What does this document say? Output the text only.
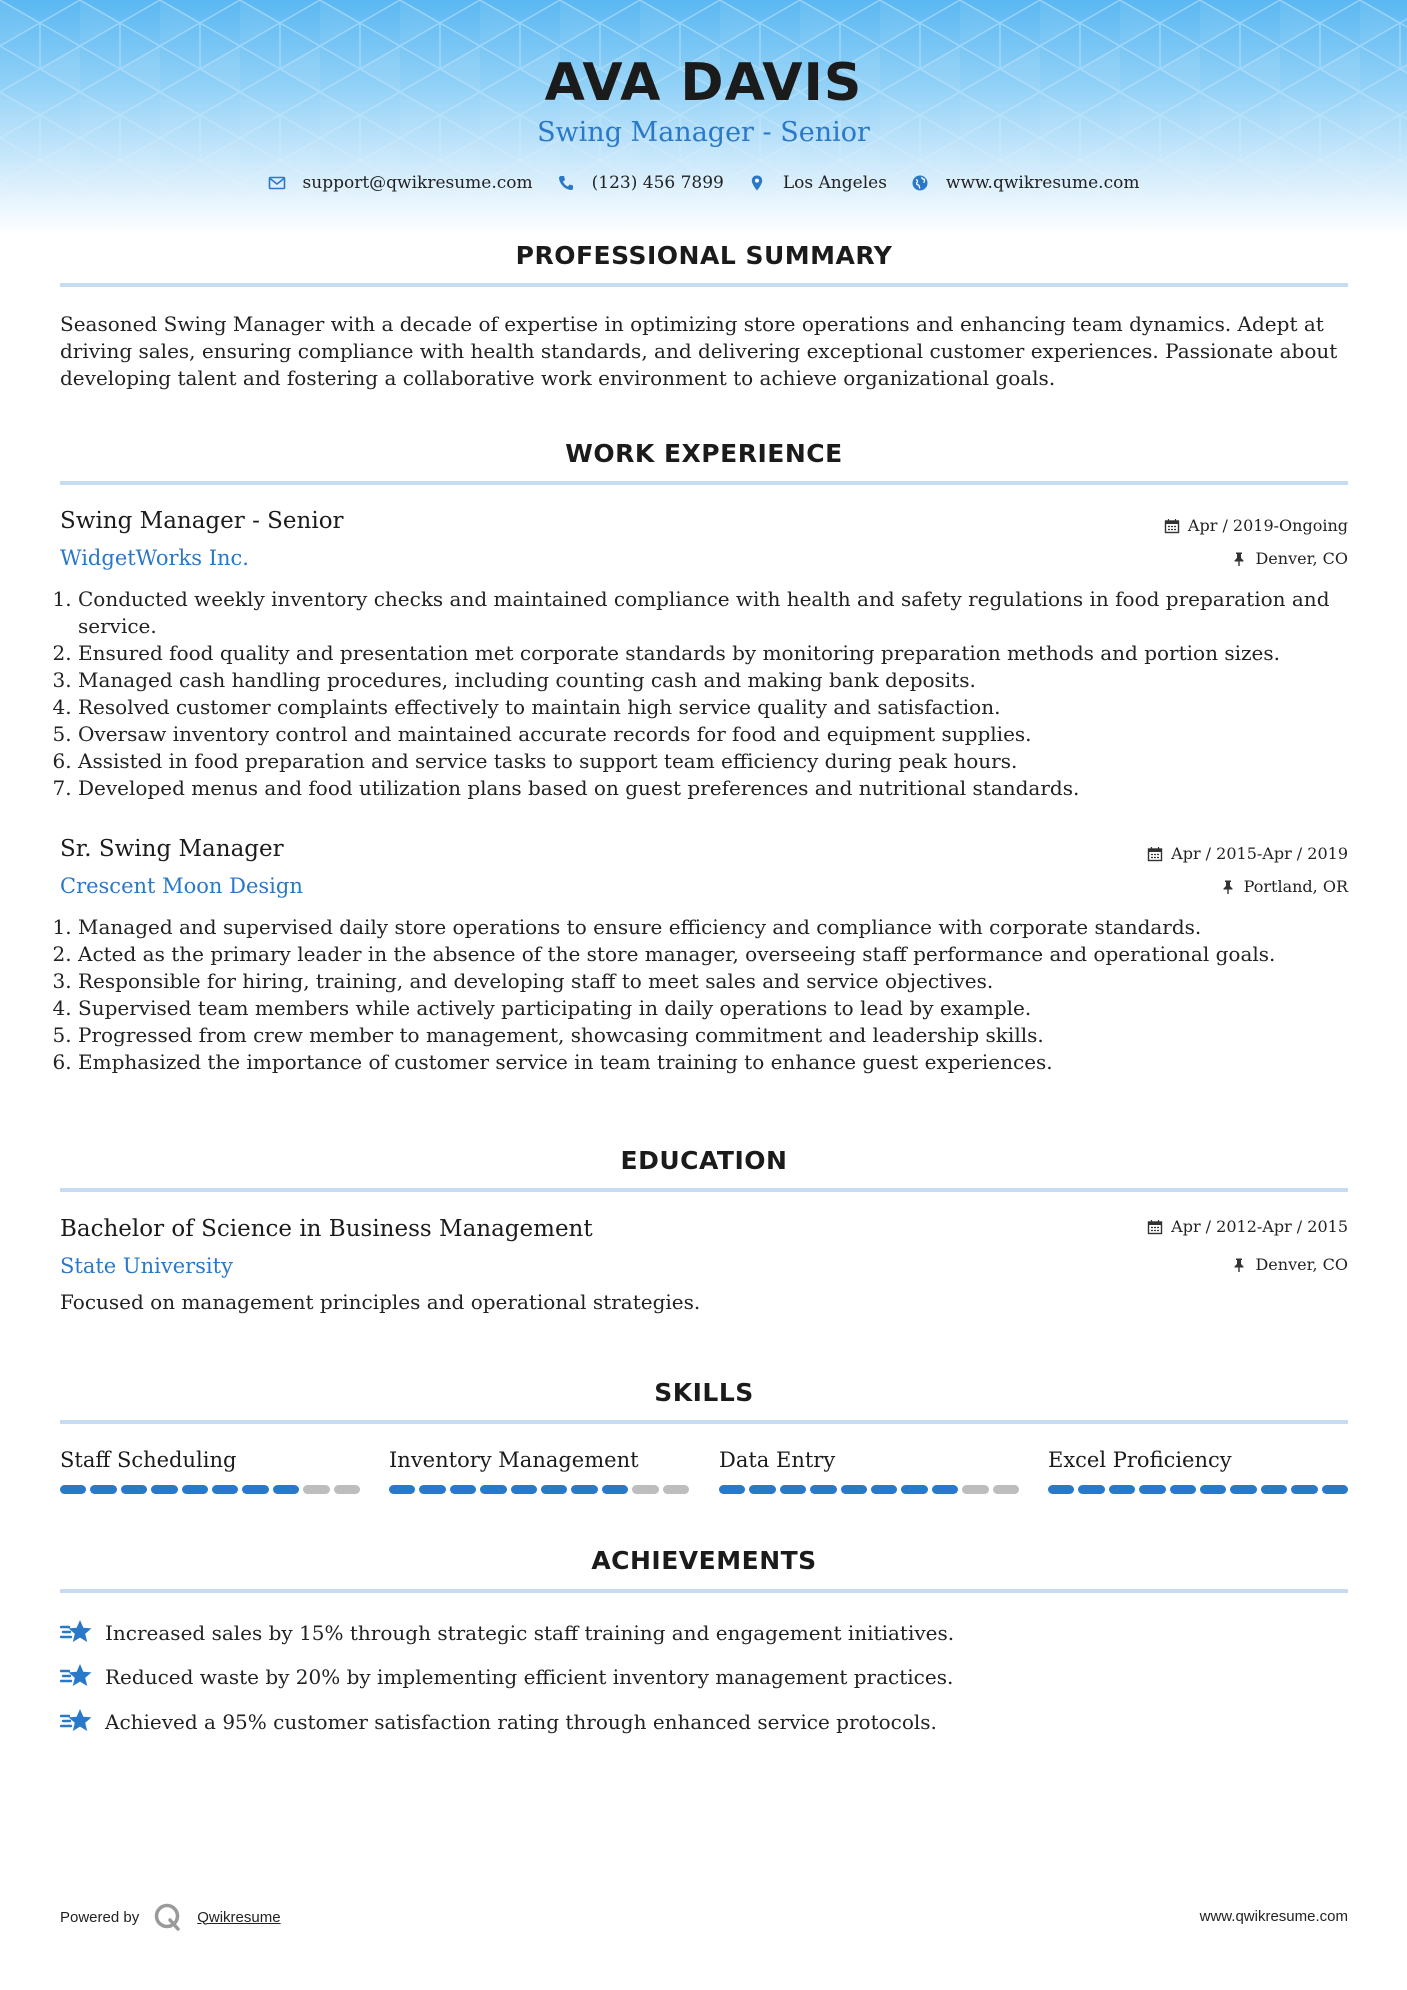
AVA DAVIS
Swing Manager - Senior
support@qwikresume.com	(123) 456 7899	Los Angeles	www.qwikresume.com
PROFESSIONAL SUMMARY
Seasoned Swing Manager with a decade of expertise in optimizing store operations and enhancing team dynamics. Adept at driving sales, ensuring compliance with health standards, and delivering exceptional customer experiences. Passionate about developing talent and fostering a collaborative work environment to achieve organizational goals.
WORK EXPERIENCE
Swing Manager - Senior
WidgetWorks Inc.
Apr / 2019-Ongoing
Denver, CO
1. Conducted weekly inventory checks and maintained compliance with health and safety regulations in food preparation and service.
2. Ensured food quality and presentation met corporate standards by monitoring preparation methods and portion sizes.
3. Managed cash handling procedures, including counting cash and making bank deposits.
4. Resolved customer complaints effectively to maintain high service quality and satisfaction.
5. Oversaw inventory control and maintained accurate records for food and equipment supplies.
6. Assisted in food preparation and service tasks to support team efficiency during peak hours.
7. Developed menus and food utilization plans based on guest preferences and nutritional standards.
Sr. Swing Manager
Crescent Moon Design
Apr / 2015-Apr / 2019
Portland, OR
1. Managed and supervised daily store operations to ensure efficiency and compliance with corporate standards.
2. Acted as the primary leader in the absence of the store manager, overseeing staff performance and operational goals.
3. Responsible for hiring, training, and developing staff to meet sales and service objectives.
4. Supervised team members while actively participating in daily operations to lead by example.
5. Progressed from crew member to management, showcasing commitment and leadership skills.
6. Emphasized the importance of customer service in team training to enhance guest experiences.
EDUCATION
Bachelor of Science in Business Management
State University
Apr / 2012-Apr / 2015
Denver, CO
Focused on management principles and operational strategies.
SKILLS
Staff Scheduling	Inventory Management	Data Entry	Excel Proficiency
ACHIEVEMENTS
Increased sales by 15% through strategic staff training and engagement initiatives.
Reduced waste by 20% by implementing efficient inventory management practices.
Achieved a 95% customer satisfaction rating through enhanced service protocols.
Powered by	Qwikresume	www.qwikresume.com
